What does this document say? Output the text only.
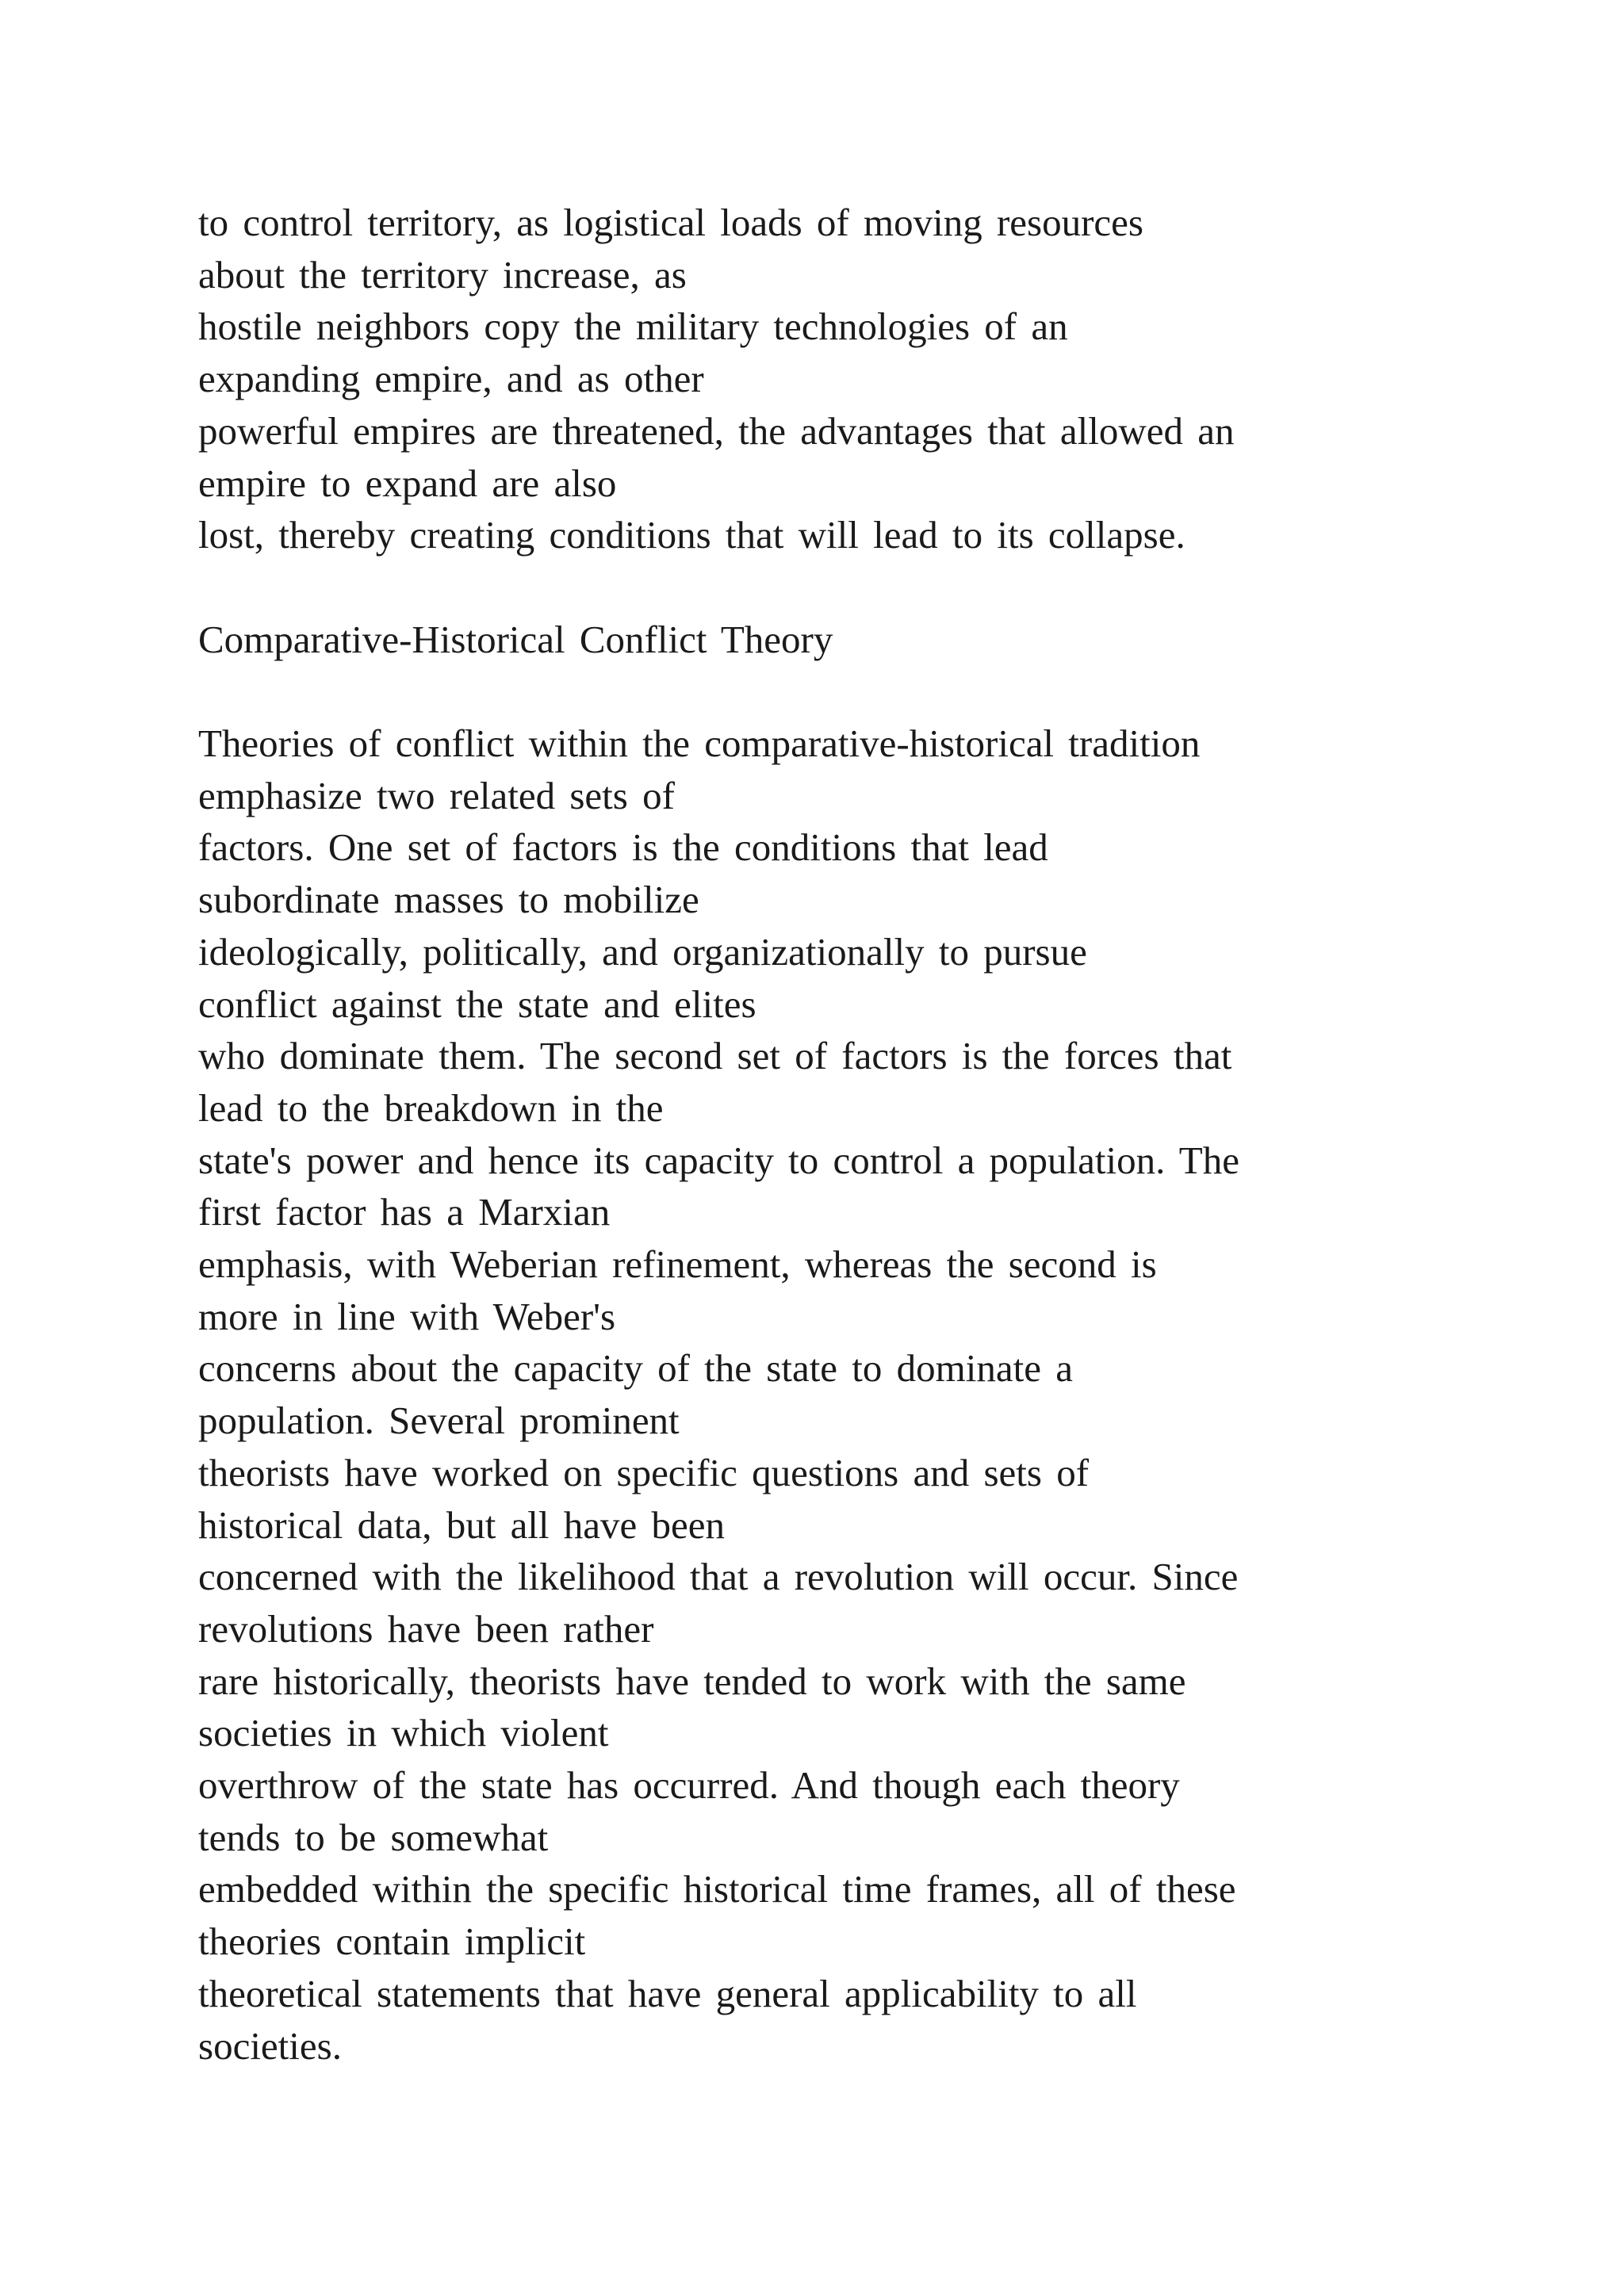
to control territory, as logistical loads of moving resources
about the territory increase, as
hostile neighbors copy the military technologies of an
expanding empire, and as other
powerful empires are threatened, the advantages that allowed an
empire to expand are also
lost, thereby creating conditions that will lead to its collapse.
Comparative-Historical Conflict Theory
Theories of conflict within the comparative-historical tradition
emphasize two related sets of
factors. One set of factors is the conditions that lead
subordinate masses to mobilize
ideologically, politically, and organizationally to pursue
conflict against the state and elites
who dominate them. The second set of factors is the forces that
lead to the breakdown in the
state's power and hence its capacity to control a population. The
first factor has a Marxian
emphasis, with Weberian refinement, whereas the second is
more in line with Weber's
concerns about the capacity of the state to dominate a
population. Several prominent
theorists have worked on specific questions and sets of
historical data, but all have been
concerned with the likelihood that a revolution will occur. Since
revolutions have been rather
rare historically, theorists have tended to work with the same
societies in which violent
overthrow of the state has occurred. And though each theory
tends to be somewhat
embedded within the specific historical time frames, all of these
theories contain implicit
theoretical statements that have general applicability to all
societies.
